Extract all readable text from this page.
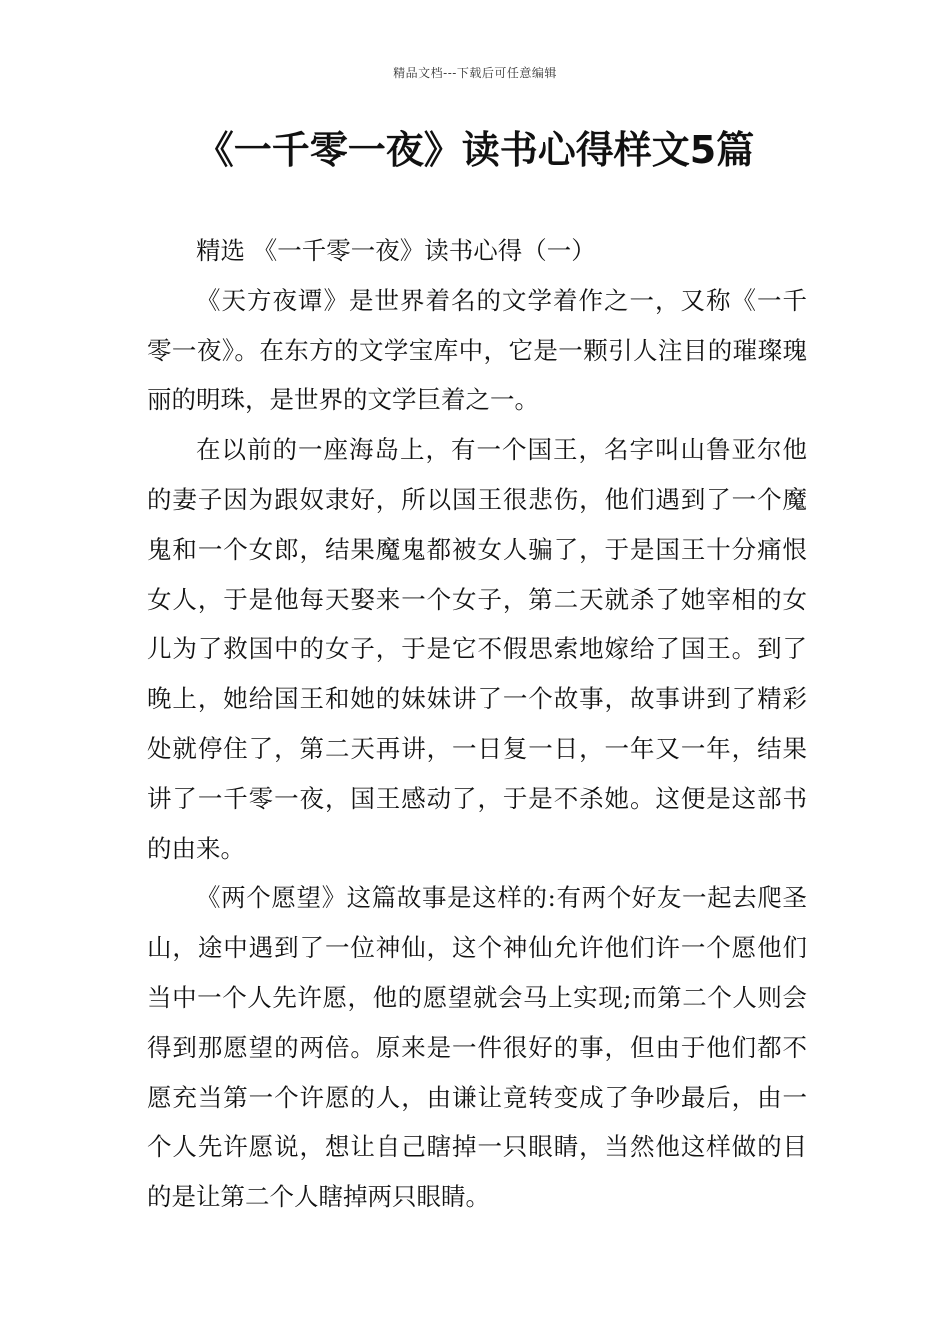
精品文档---下载后可任意编辑
《一千零一夜》读书心得样文5篇

精选 《一千零一夜》读书心得（一）

《天方夜谭》是世界着名的文学着作之一，又称《一千零一夜》。在东方的文学宝库中，它是一颗引人注目的璀璨瑰丽的明珠，是世界的文学巨着之一。

在以前的一座海岛上，有一个国王，名字叫山鲁亚尔他的妻子因为跟奴隶好，所以国王很悲伤，他们遇到了一个魔鬼和一个女郎，结果魔鬼都被女人骗了，于是国王十分痛恨女人，于是他每天娶来一个女子，第二天就杀了她宰相的女儿为了救国中的女子，于是它不假思索地嫁给了国王。到了晚上，她给国王和她的妹妹讲了一个故事，故事讲到了精彩处就停住了，第二天再讲，一日复一日，一年又一年，结果讲了一千零一夜，国王感动了，于是不杀她。这便是这部书的由来。

《两个愿望》这篇故事是这样的:有两个好友一起去爬圣山，途中遇到了一位神仙，这个神仙允许他们许一个愿他们当中一个人先许愿，他的愿望就会马上实现;而第二个人则会得到那愿望的两倍。原来是一件很好的事，但由于他们都不愿充当第一个许愿的人，由谦让竟转变成了争吵最后，由一个人先许愿说，想让自己瞎掉一只眼睛，当然他这样做的目的是让第二个人瞎掉两只眼睛。
